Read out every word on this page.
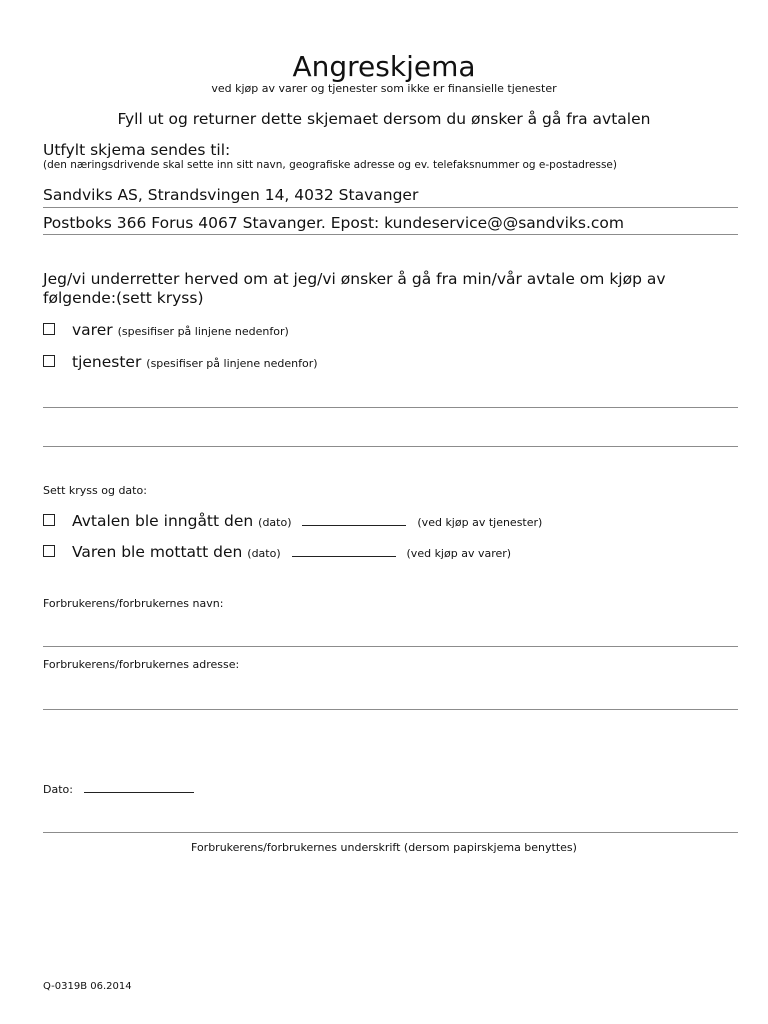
Angreskjema
ved kjøp av varer og tjenester som ikke er finansielle tjenester
Fyll ut og returner dette skjemaet dersom du ønsker å gå fra avtalen
Utfylt skjema sendes til:
(den næringsdrivende skal sette inn sitt navn, geografiske adresse og ev. telefaksnummer og e-postadresse)
Sandviks AS, Strandsvingen 14, 4032 Stavanger
Postboks 366 Forus 4067 Stavanger. Epost: kundeservice@@sandviks.com
Jeg/vi underretter herved om at jeg/vi ønsker å gå fra min/vår avtale om kjøp av følgende:(sett kryss)
varer (spesifiser på linjene nedenfor)
tjenester (spesifiser på linjene nedenfor)
Sett kryss og dato:
Avtalen ble inngått den (dato)	(ved kjøp av tjenester)
Varen ble mottatt den (dato)	(ved kjøp av varer)
Forbrukerens/forbrukernes navn:
Forbrukerens/forbrukernes adresse:
Dato:
Forbrukerens/forbrukernes underskrift (dersom papirskjema benyttes)
Q-0319B 06.2014
